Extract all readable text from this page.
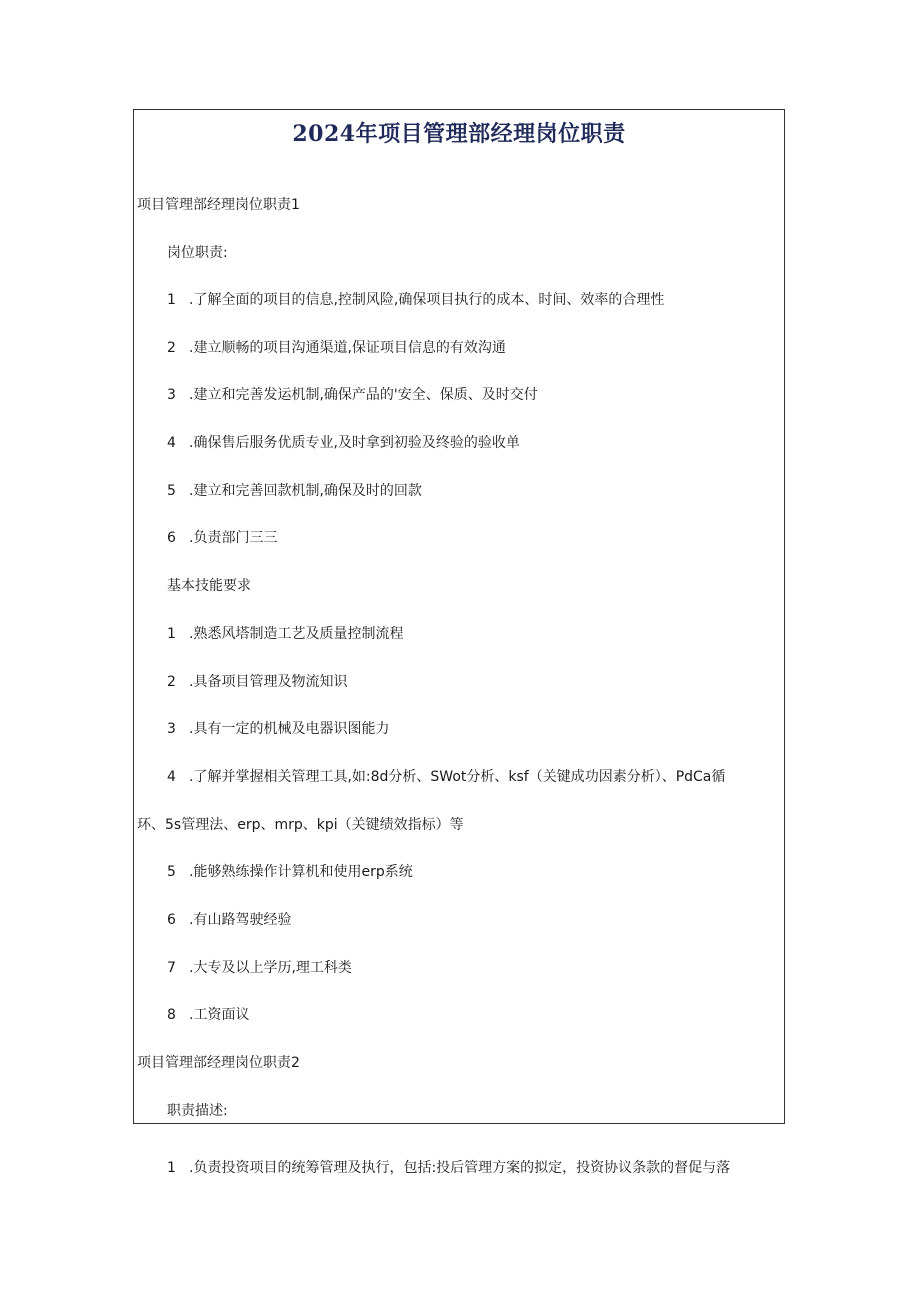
2024年项目管理部经理岗位职责
项目管理部经理岗位职责1
岗位职责:
1 .了解全面的项目的信息,控制风险,确保项目执行的成本、时间、效率的合理性
2 .建立顺畅的项目沟通渠道,保证项目信息的有效沟通
3 .建立和完善发运机制,确保产品的'安全、保质、及时交付
4 .确保售后服务优质专业,及时拿到初验及终验的验收单
5 .建立和完善回款机制,确保及时的回款
6 .负责部门三三
基本技能要求
1 .熟悉风塔制造工艺及质量控制流程
2 .具备项目管理及物流知识
3 .具有一定的机械及电器识图能力
4 .了解并掌握相关管理工具,如:8d分析、SWot分析、ksf（关键成功因素分析）、PdCa循
环、5s管理法、erp、mrp、kpi（关键绩效指标）等
5 .能够熟练操作计算机和使用erp系统
6 .有山路驾驶经验
7 .大专及以上学历,理工科类
8 .工资面议
项目管理部经理岗位职责2
职责描述:
1 .负责投资项目的统筹管理及执行，包括:投后管理方案的拟定，投资协议条款的督促与落
